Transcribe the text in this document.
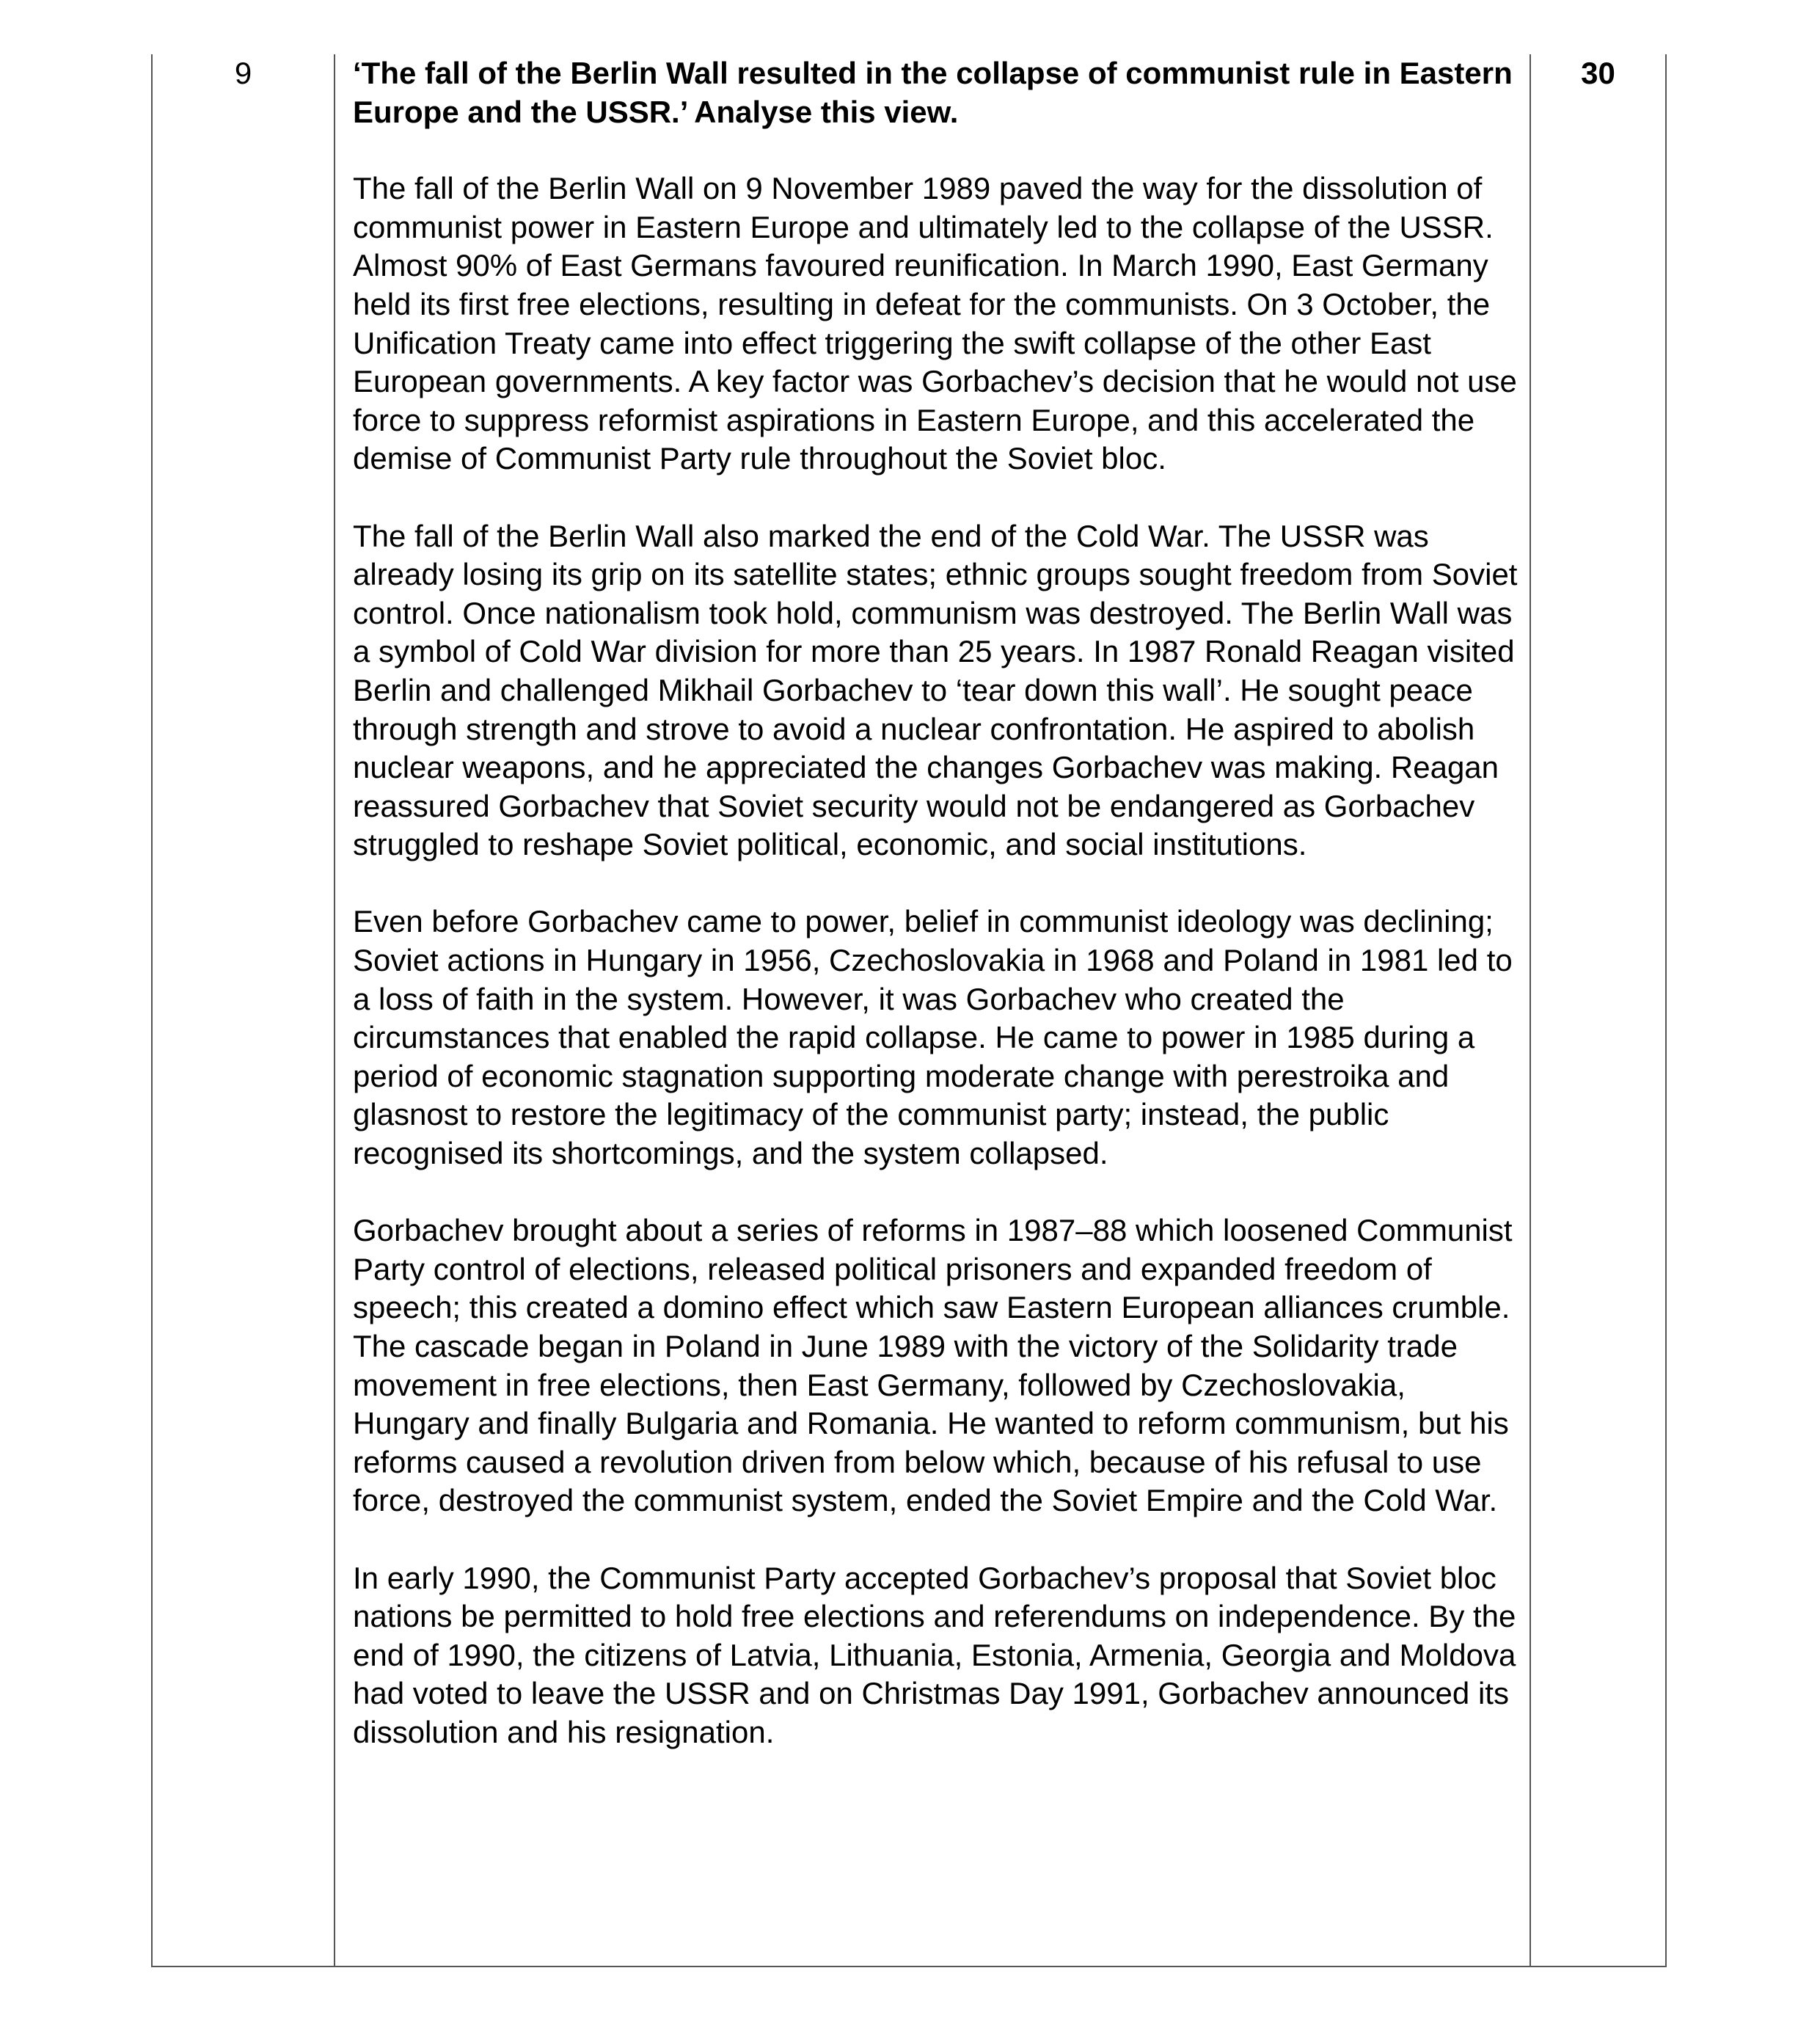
9	‘The fall of the Berlin Wall resulted in the collapse of communist rule in Eastern Europe and the USSR.’ Analyse this view.

The fall of the Berlin Wall on 9 November 1989 paved the way for the dissolution of communist power in Eastern Europe and ultimately led to the collapse of the USSR. Almost 90% of East Germans favoured reunification. In March 1990, East Germany held its first free elections, resulting in defeat for the communists. On 3 October, the Unification Treaty came into effect triggering the swift collapse of the other East European governments. A key factor was Gorbachev’s decision that he would not use force to suppress reformist aspirations in Eastern Europe, and this accelerated the demise of Communist Party rule throughout the Soviet bloc.

The fall of the Berlin Wall also marked the end of the Cold War. The USSR was already losing its grip on its satellite states; ethnic groups sought freedom from Soviet control. Once nationalism took hold, communism was destroyed. The Berlin Wall was a symbol of Cold War division for more than 25 years. In 1987 Ronald Reagan visited Berlin and challenged Mikhail Gorbachev to ‘tear down this wall’. He sought peace through strength and strove to avoid a nuclear confrontation. He aspired to abolish nuclear weapons, and he appreciated the changes Gorbachev was making. Reagan reassured Gorbachev that Soviet security would not be endangered as Gorbachev struggled to reshape Soviet political, economic, and social institutions.

Even before Gorbachev came to power, belief in communist ideology was declining; Soviet actions in Hungary in 1956, Czechoslovakia in 1968 and Poland in 1981 led to a loss of faith in the system. However, it was Gorbachev who created the circumstances that enabled the rapid collapse. He came to power in 1985 during a period of economic stagnation supporting moderate change with perestroika and glasnost to restore the legitimacy of the communist party; instead, the public recognised its shortcomings, and the system collapsed.

Gorbachev brought about a series of reforms in 1987–88 which loosened Communist Party control of elections, released political prisoners and expanded freedom of speech; this created a domino effect which saw Eastern European alliances crumble. The cascade began in Poland in June 1989 with the victory of the Solidarity trade movement in free elections, then East Germany, followed by Czechoslovakia, Hungary and finally Bulgaria and Romania. He wanted to reform communism, but his reforms caused a revolution driven from below which, because of his refusal to use force, destroyed the communist system, ended the Soviet Empire and the Cold War.

In early 1990, the Communist Party accepted Gorbachev’s proposal that Soviet bloc nations be permitted to hold free elections and referendums on independence. By the end of 1990, the citizens of Latvia, Lithuania, Estonia, Armenia, Georgia and Moldova had voted to leave the USSR and on Christmas Day 1991, Gorbachev announced its dissolution and his resignation.

30
